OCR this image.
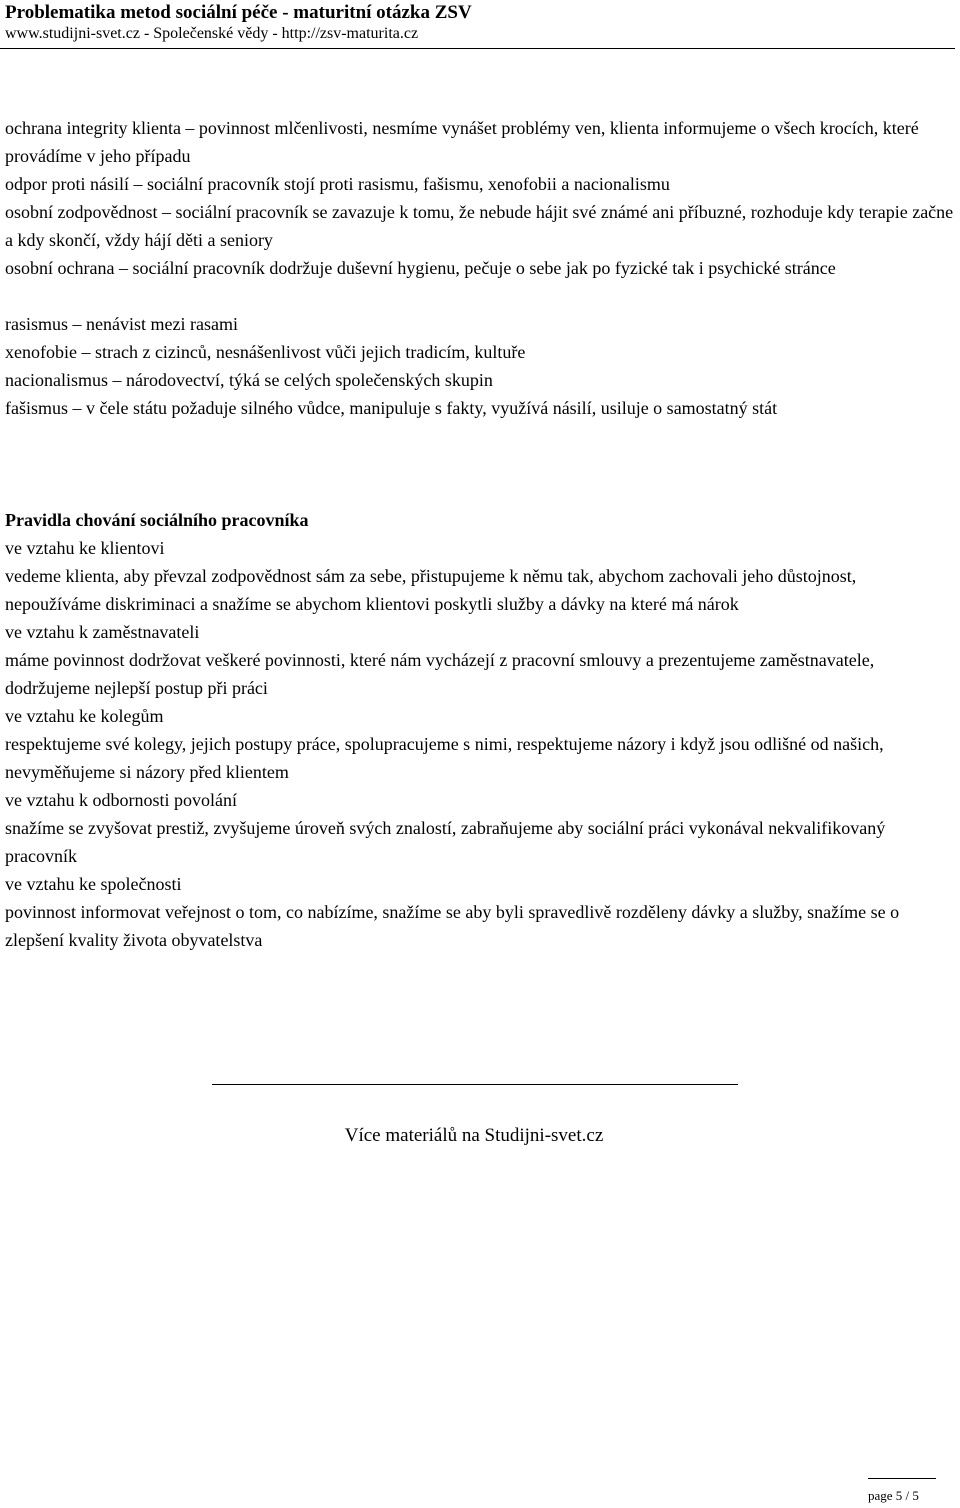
Problematika metod sociální péče - maturitní otázka ZSV
www.studijni-svet.cz - Společenské vědy - http://zsv-maturita.cz

ochrana integrity klienta – povinnost mlčenlivosti, nesmíme vynášet problémy ven, klienta informujeme o všech krocích, které provádíme v jeho případu

odpor proti násilí – sociální pracovník stojí proti rasismu, fašismu, xenofobii a nacionalismu

osobní zodpovědnost – sociální pracovník se zavazuje k tomu, že nebude hájit své známé ani příbuzné, rozhoduje kdy terapie začne a kdy skončí, vždy hájí děti a seniory

osobní ochrana – sociální pracovník dodržuje duševní hygienu, pečuje o sebe jak po fyzické tak i psychické stránce

rasismus – nenávist mezi rasami

xenofobie – strach z cizinců, nesnášenlivost vůči jejich tradicím, kultuře

nacionalismus – národovectví, týká se celých společenských skupin

fašismus – v čele státu požaduje silného vůdce, manipuluje s fakty, využívá násilí, usiluje o samostatný stát

Pravidla chování sociálního pracovníka

ve vztahu ke klientovi

vedeme klienta, aby převzal zodpovědnost sám za sebe, přistupujeme k němu tak, abychom zachovali jeho důstojnost, nepoužíváme diskriminaci a snažíme se abychom klientovi poskytli služby a dávky na které má nárok

ve vztahu k zaměstnavateli

máme povinnost dodržovat veškeré povinnosti, které nám vycházejí z pracovní smlouvy a prezentujeme zaměstnavatele, dodržujeme nejlepší postup při práci

ve vztahu ke kolegům

respektujeme své kolegy, jejich postupy práce, spolupracujeme s nimi, respektujeme názory i když jsou odlišné od našich, nevyměňujeme si názory před klientem

ve vztahu k odbornosti povolání

snažíme se zvyšovat prestiž, zvyšujeme úroveň svých znalostí, zabraňujeme aby sociální práci vykonával nekvalifikovaný pracovník

ve vztahu ke společnosti

povinnost informovat veřejnost o tom, co nabízíme, snažíme se aby byli spravedlivě rozděleny dávky a služby, snažíme se o zlepšení kvality života obyvatelstva

Více materiálů na Studijni-svet.cz
page 5 / 5
